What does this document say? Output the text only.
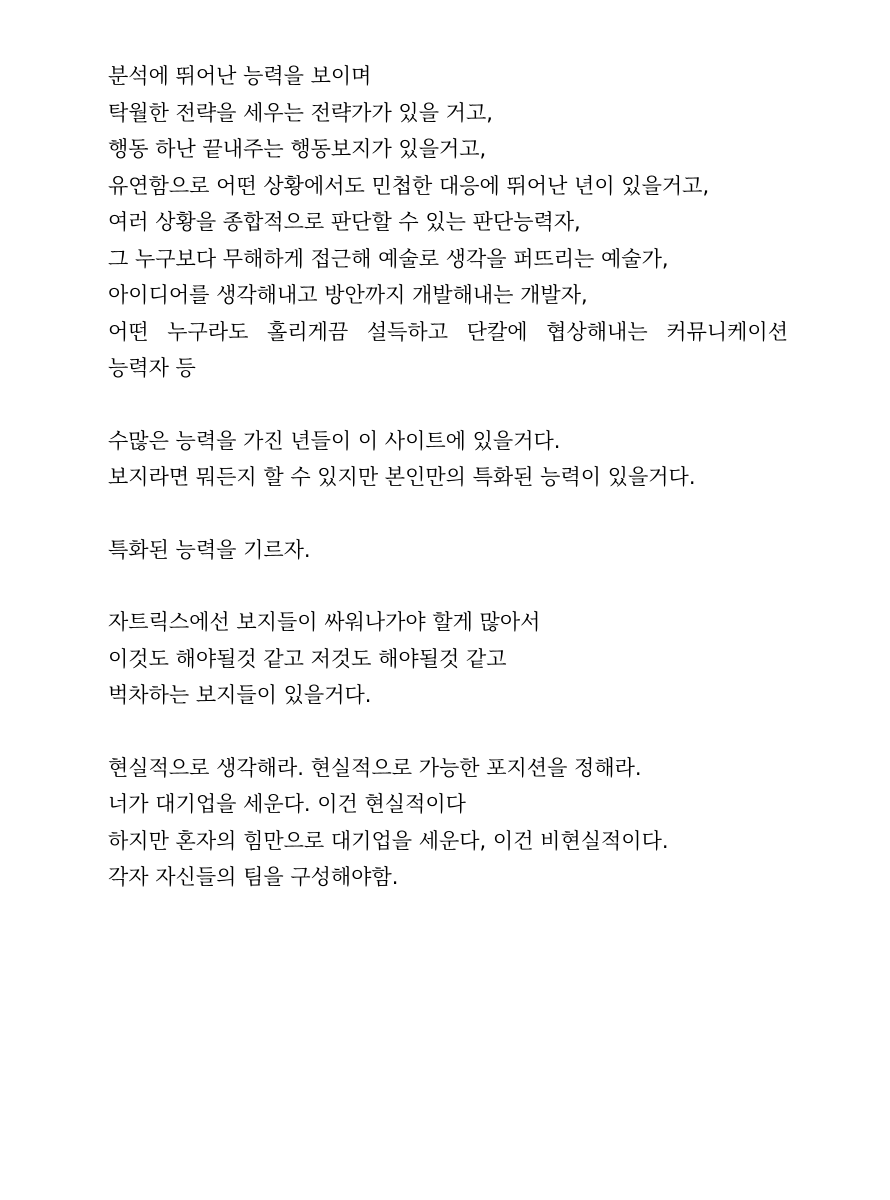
분석에 뛰어난 능력을 보이며
탁월한 전략을 세우는 전략가가 있을 거고,
행동 하난 끝내주는 행동보지가 있을거고,
유연함으로 어떤 상황에서도 민첩한 대응에 뛰어난 년이 있을거고,
여러 상황을 종합적으로 판단할 수 있는 판단능력자,
그 누구보다 무해하게 접근해 예술로 생각을 퍼뜨리는 예술가,
아이디어를 생각해내고 방안까지 개발해내는 개발자,
어떤 누구라도 홀리게끔 설득하고 단칼에 협상해내는 커뮤니케이션
능력자 등
수많은 능력을 가진 년들이 이 사이트에 있을거다.
보지라면 뭐든지 할 수 있지만 본인만의 특화된 능력이 있을거다.
특화된 능력을 기르자.
자트릭스에선 보지들이 싸워나가야 할게 많아서
이것도 해야될것 같고 저것도 해야될것 같고
벅차하는 보지들이 있을거다.
현실적으로 생각해라. 현실적으로 가능한 포지션을 정해라.
너가 대기업을 세운다. 이건 현실적이다
하지만 혼자의 힘만으로 대기업을 세운다, 이건 비현실적이다.
각자 자신들의 팀을 구성해야함.
